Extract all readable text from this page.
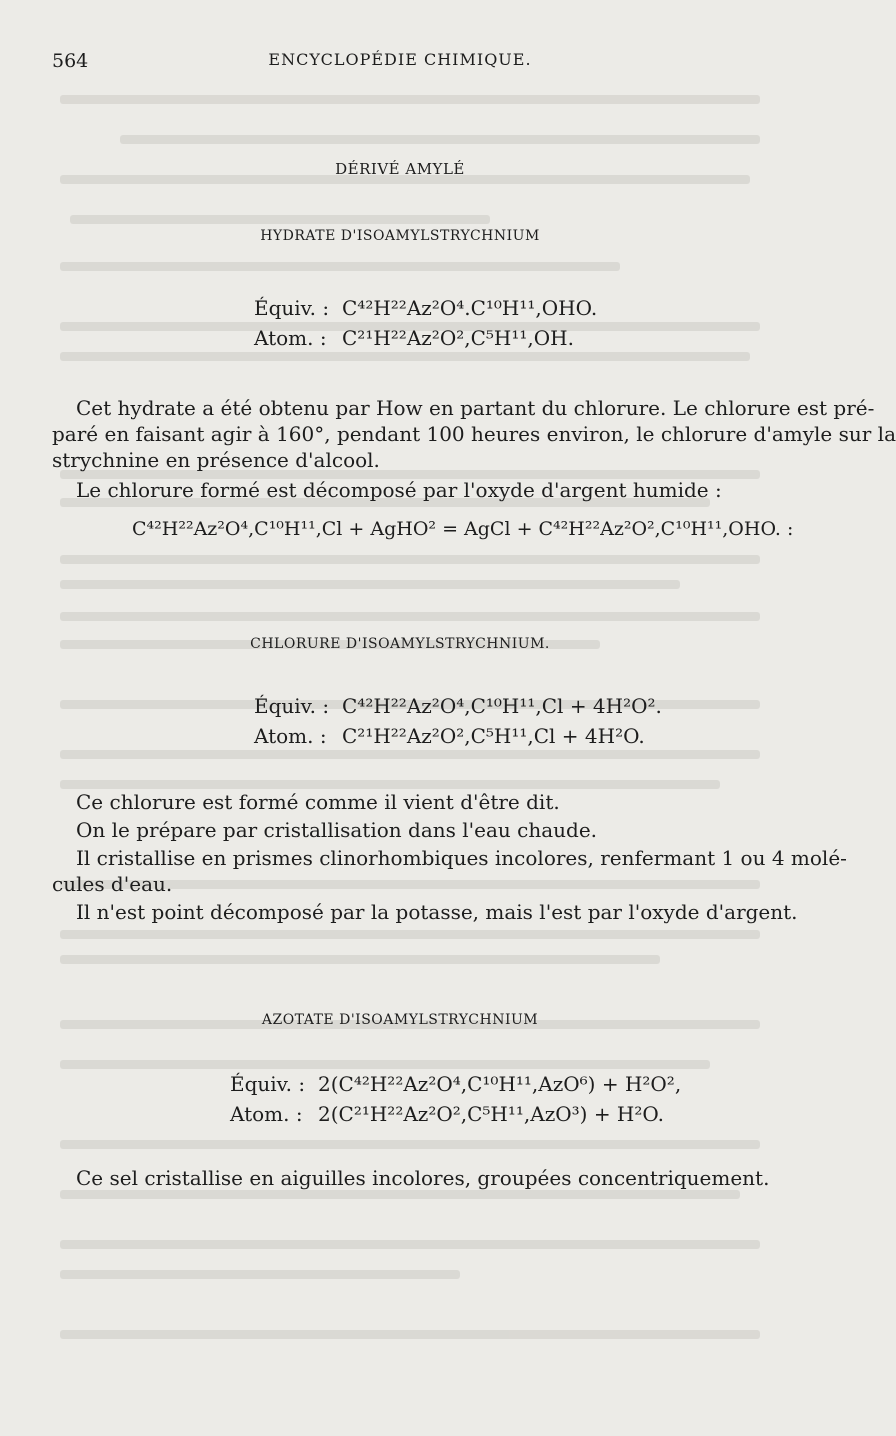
564	ENCYCLOPÉDIE CHIMIQUE.
DÉRIVÉ AMYLÉ
HYDRATE D'ISOAMYLSTRYCHNIUM
Équiv. : C⁴²H²²Az²O⁴.C¹⁰H¹¹,OHO.
Atom. : C²¹H²²Az²O²,C⁵H¹¹,OH.
Cet hydrate a été obtenu par How en partant du chlorure. Le chlorure est pré-
paré en faisant agir à 160°, pendant 100 heures environ, le chlorure d'amyle sur la
strychnine en présence d'alcool.
Le chlorure formé est décomposé par l'oxyde d'argent humide :
C⁴²H²²Az²O⁴,C¹⁰H¹¹,Cl + AgHO² = AgCl + C⁴²H²²Az²O²,C¹⁰H¹¹,OHO. :
CHLORURE D'ISOAMYLSTRYCHNIUM.
Équiv. : C⁴²H²²Az²O⁴,C¹⁰H¹¹,Cl + 4H²O².
Atom. : C²¹H²²Az²O²,C⁵H¹¹,Cl + 4H²O.
Ce chlorure est formé comme il vient d'être dit.
On le prépare par cristallisation dans l'eau chaude.
Il cristallise en prismes clinorhombiques incolores, renfermant 1 ou 4 molé-
cules d'eau.
Il n'est point décomposé par la potasse, mais l'est par l'oxyde d'argent.
AZOTATE D'ISOAMYLSTRYCHNIUM
Équiv. : 2(C⁴²H²²Az²O⁴,C¹⁰H¹¹,AzO⁶) + H²O²,
Atom. : 2(C²¹H²²Az²O²,C⁵H¹¹,AzO³) + H²O.
Ce sel cristallise en aiguilles incolores, groupées concentriquement.
